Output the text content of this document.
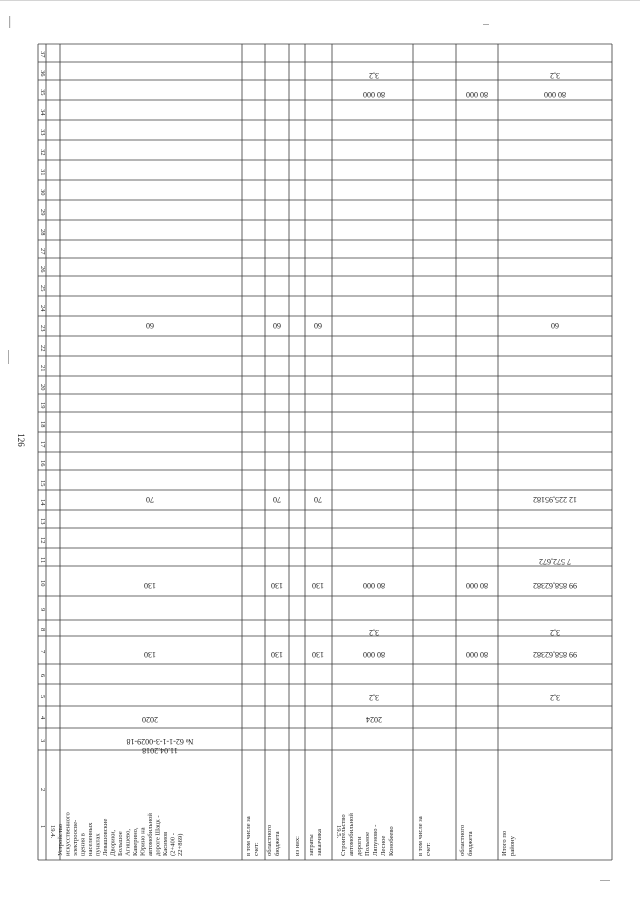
126
1
2
3
4
5
6
7
8
9
10
11
12
13
14
15
16
17
18
19
20
21
22
23
24
25
26
27
28
29
30
31
32
33
34
35
36
37
19.4. Устройство искусственного электроосве- щения в населенных пунктах Левашовские Дворики, Большое Агишево, Каверино, Юрино на автомобильной дороге Шацк - Касимов (2+400 - 22+869)
№ 62-1-1-3-0029-18
11.04.2018
2020
130
130
70
60
в том числе за счет: областного бюджета
130
130
70
60
из них: затраты заказчика
130
130
70
60
19.5.
Строительство автомобильной дороги Польное Ляпуново - Лесное Конобеево
2024
3,2
80 000
3,2
80 000
80 000
3,2
в том числе за счет:	областного бюджета
80 000
80 000
80 000
Итого по району
3,2
99 858,62382
3,2
99 858,62382
7 572,672
12 225,95182
60
80 000
3,2
